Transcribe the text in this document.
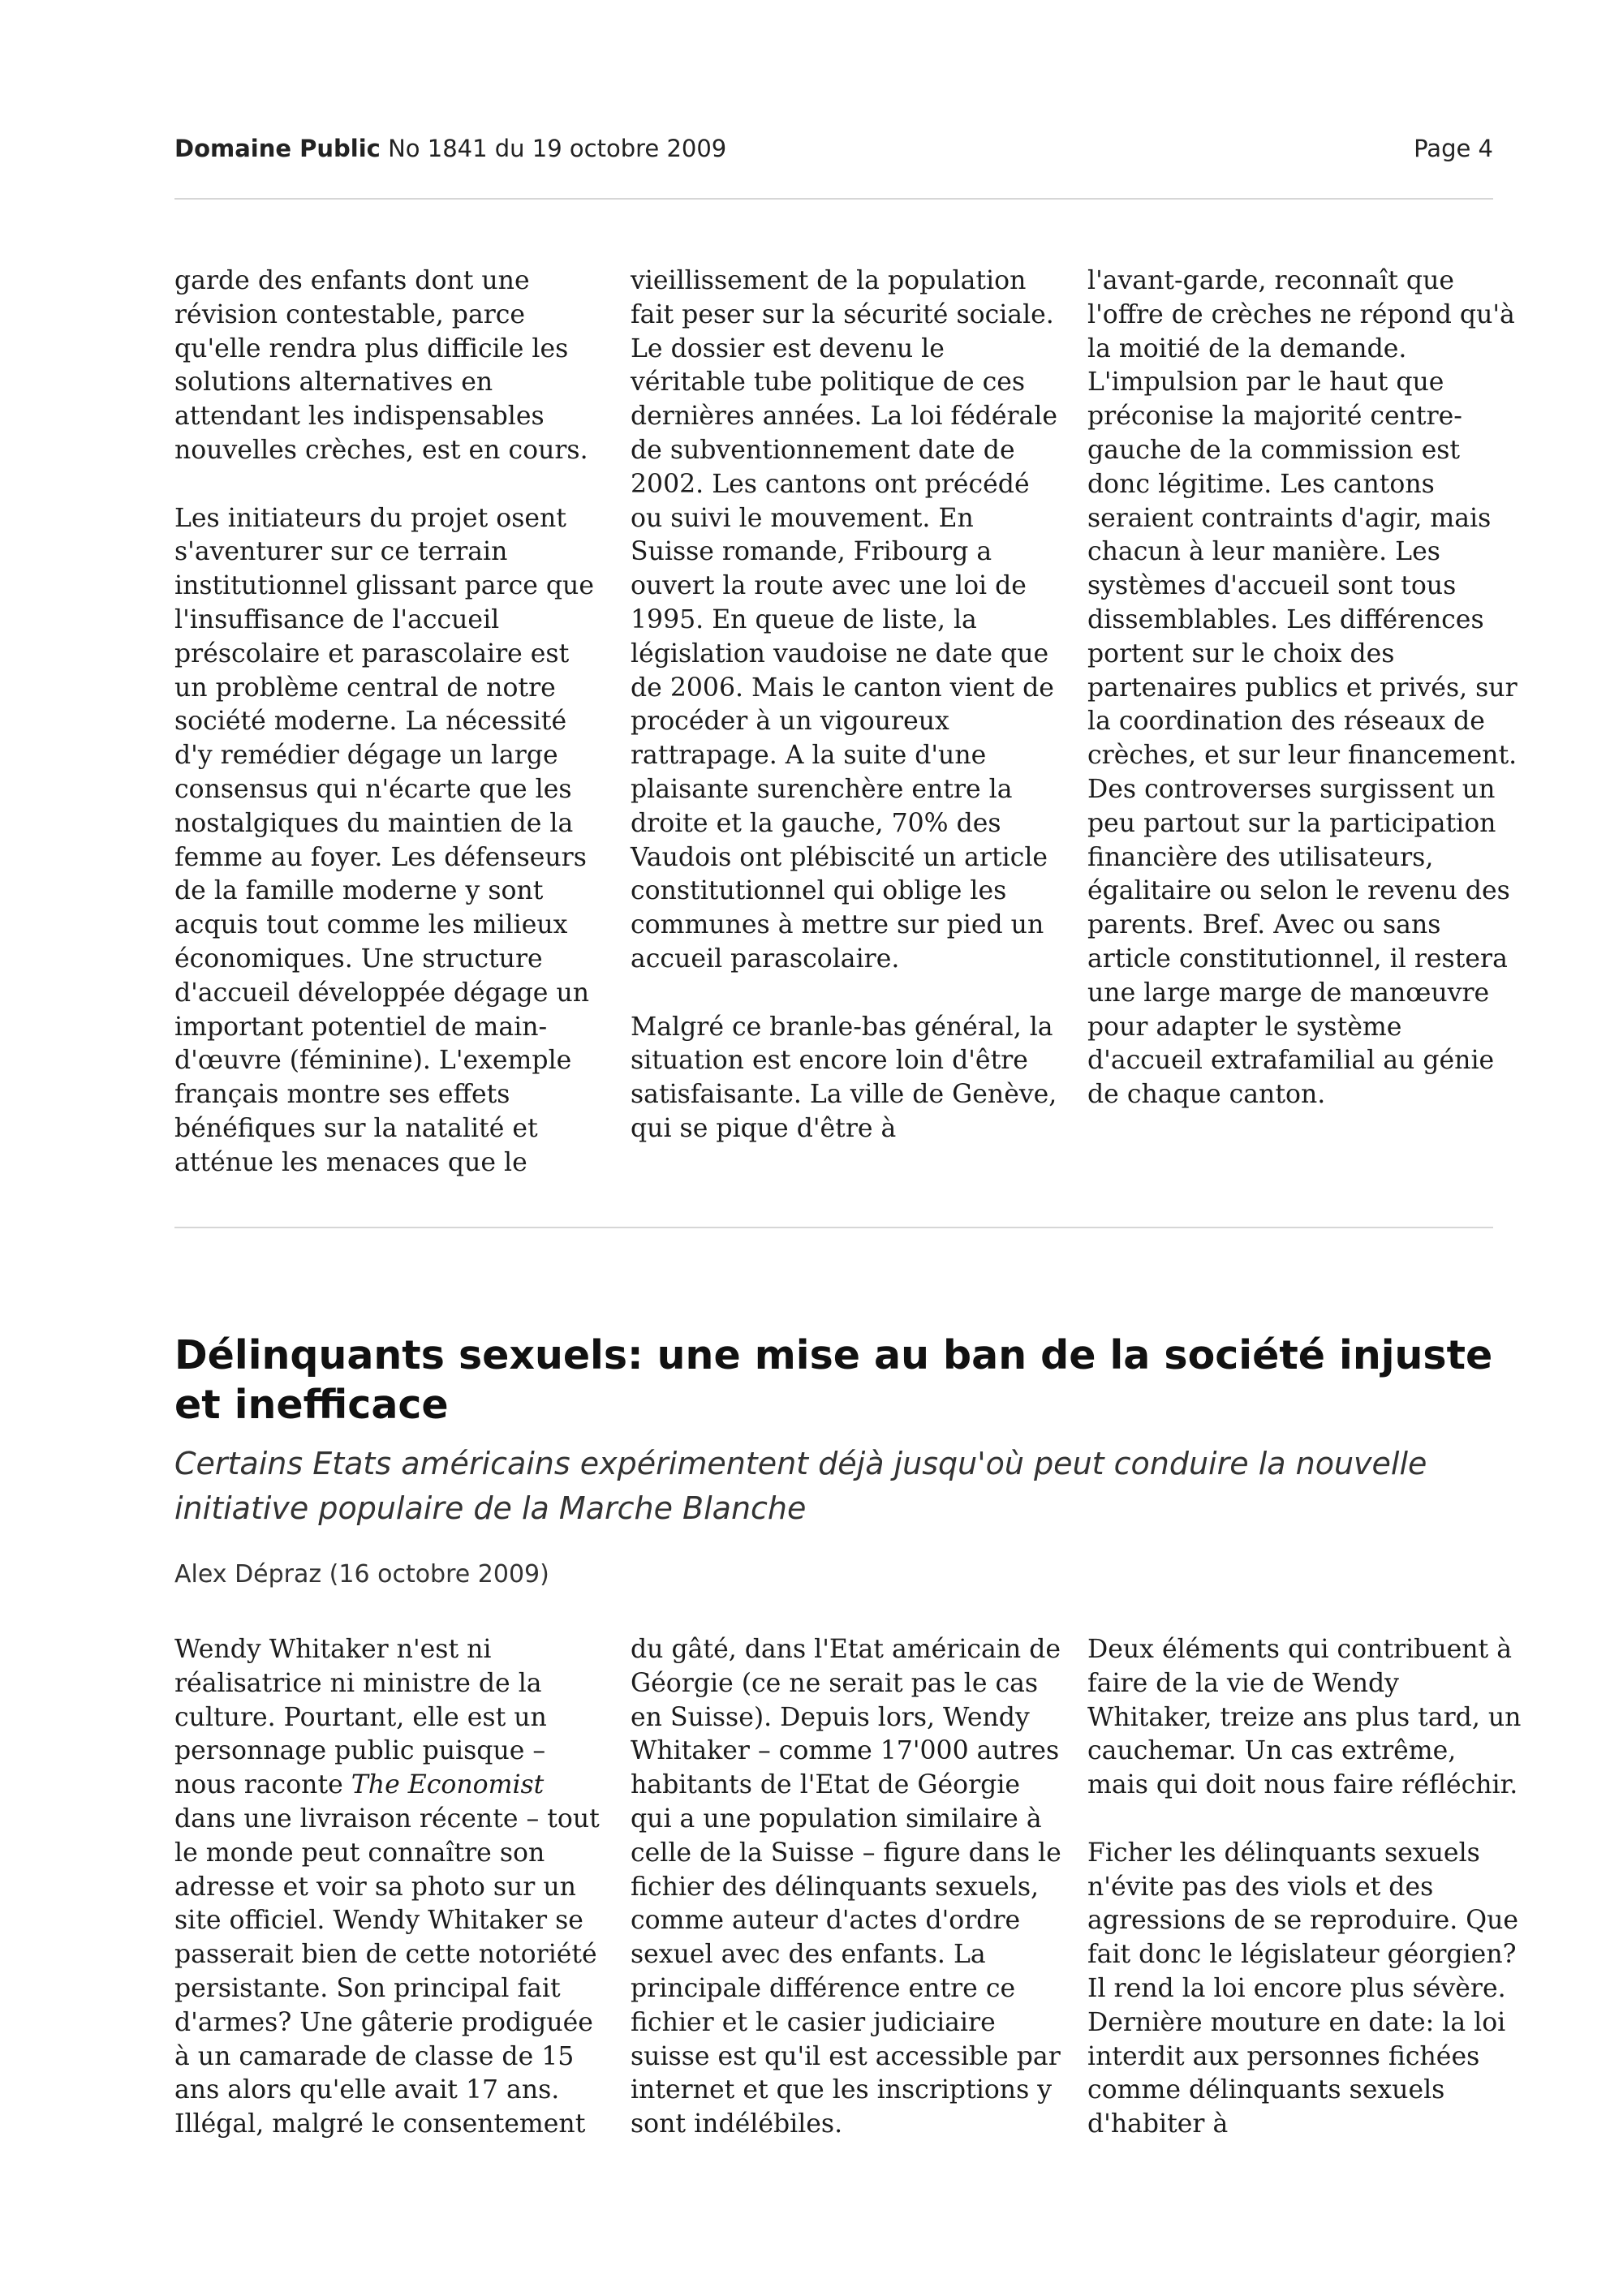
Domaine Public No 1841 du 19 octobre 2009	Page 4

garde des enfants dont une révision contestable, parce qu'elle rendra plus difficile les solutions alternatives en attendant les indispensables nouvelles crèches, est en cours.

Les initiateurs du projet osent s'aventurer sur ce terrain institutionnel glissant parce que l'insuffisance de l'accueil préscolaire et parascolaire est un problème central de notre société moderne. La nécessité d'y remédier dégage un large consensus qui n'écarte que les nostalgiques du maintien de la femme au foyer. Les défenseurs de la famille moderne y sont acquis tout comme les milieux économiques. Une structure d'accueil développée dégage un important potentiel de main-d'œuvre (féminine). L'exemple français montre ses effets bénéfiques sur la natalité et atténue les menaces que le

vieillissement de la population fait peser sur la sécurité sociale. Le dossier est devenu le véritable tube politique de ces dernières années. La loi fédérale de subventionnement date de 2002. Les cantons ont précédé ou suivi le mouvement. En Suisse romande, Fribourg a ouvert la route avec une loi de 1995. En queue de liste, la législation vaudoise ne date que de 2006. Mais le canton vient de procéder à un vigoureux rattrapage. A la suite d'une plaisante surenchère entre la droite et la gauche, 70% des Vaudois ont plébiscité un article constitutionnel qui oblige les communes à mettre sur pied un accueil parascolaire.

Malgré ce branle-bas général, la situation est encore loin d'être satisfaisante. La ville de Genève, qui se pique d'être à

l'avant-garde, reconnaît que l'offre de crèches ne répond qu'à la moitié de la demande. L'impulsion par le haut que préconise la majorité centre-gauche de la commission est donc légitime. Les cantons seraient contraints d'agir, mais chacun à leur manière. Les systèmes d'accueil sont tous dissemblables. Les différences portent sur le choix des partenaires publics et privés, sur la coordination des réseaux de crèches, et sur leur financement. Des controverses surgissent un peu partout sur la participation financière des utilisateurs, égalitaire ou selon le revenu des parents. Bref. Avec ou sans article constitutionnel, il restera une large marge de manœuvre pour adapter le système d'accueil extrafamilial au génie de chaque canton.

Délinquants sexuels: une mise au ban de la société injuste et inefficace
Certains Etats américains expérimentent déjà jusqu'où peut conduire la nouvelle initiative populaire de la Marche Blanche
Alex Dépraz (16 octobre 2009)

Wendy Whitaker n'est ni réalisatrice ni ministre de la culture. Pourtant, elle est un personnage public puisque – nous raconte The Economist dans une livraison récente – tout le monde peut connaître son adresse et voir sa photo sur un site officiel. Wendy Whitaker se passerait bien de cette notoriété persistante. Son principal fait d'armes? Une gâterie prodiguée à un camarade de classe de 15 ans alors qu'elle avait 17 ans. Illégal, malgré le consentement

du gâté, dans l'Etat américain de Géorgie (ce ne serait pas le cas en Suisse). Depuis lors, Wendy Whitaker – comme 17'000 autres habitants de l'Etat de Géorgie qui a une population similaire à celle de la Suisse – figure dans le fichier des délinquants sexuels, comme auteur d'actes d'ordre sexuel avec des enfants. La principale différence entre ce fichier et le casier judiciaire suisse est qu'il est accessible par internet et que les inscriptions y sont indélébiles.

Deux éléments qui contribuent à faire de la vie de Wendy Whitaker, treize ans plus tard, un cauchemar. Un cas extrême, mais qui doit nous faire réfléchir.

Ficher les délinquants sexuels n'évite pas des viols et des agressions de se reproduire. Que fait donc le législateur géorgien? Il rend la loi encore plus sévère. Dernière mouture en date: la loi interdit aux personnes fichées comme délinquants sexuels d'habiter à
